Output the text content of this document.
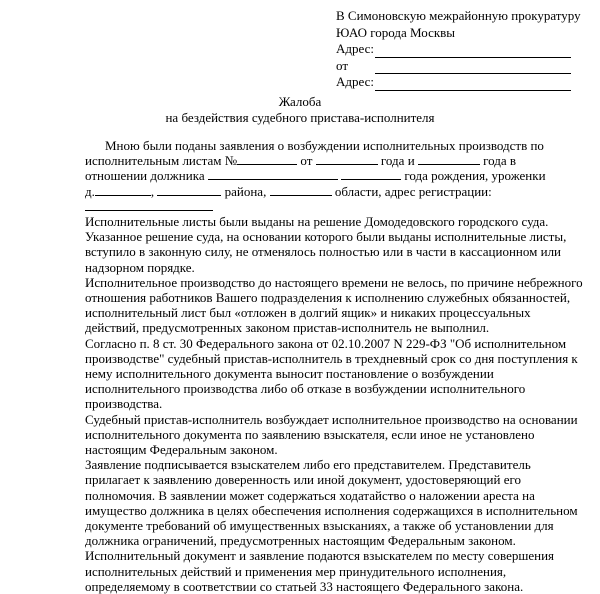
В Симоновскую межрайонную прокуратуру
ЮАО города Москвы
Адрес:
от
Адрес:
Жалоба
на бездействия судебного пристава-исполнителя

Мною были поданы заявления о возбуждении исполнительных производств по

исполнительным листам №	от	года и	года в

отношении должника	года рождения, уроженки

д.	,	района,	области, адрес регистрации:

Исполнительные листы были выданы на решение Домодедовского городского суда. Указанное решение суда, на основании которого были выданы исполнительные листы, вступило в законную силу, не отменялось полностью или в части в кассационном или надзорном порядке.

Исполнительное производство до настоящего времени не велось, по причине небрежного отношения работников Вашего подразделения к исполнению служебных обязанностей, исполнительный лист был «отложен в долгий ящик» и никаких процессуальных действий, предусмотренных законом пристав-исполнитель не выполнил.

Согласно п. 8 ст. 30 Федерального закона от 02.10.2007 N 229-ФЗ "Об исполнительном производстве" судебный пристав-исполнитель в трехдневный срок со дня поступления к нему исполнительного документа выносит постановление о возбуждении исполнительного производства либо об отказе в возбуждении исполнительного производства.

Судебный пристав-исполнитель возбуждает исполнительное производство на основании исполнительного документа по заявлению взыскателя, если иное не установлено настоящим Федеральным законом.

Заявление подписывается взыскателем либо его представителем. Представитель прилагает к заявлению доверенность или иной документ, удостоверяющий его полномочия. В заявлении может содержаться ходатайство о наложении ареста на имущество должника в целях обеспечения исполнения содержащихся в исполнительном документе требований об имущественных взысканиях, а также об установлении для должника ограничений, предусмотренных настоящим Федеральным законом.

Исполнительный документ и заявление подаются взыскателем по месту совершения исполнительных действий и применения мер принудительного исполнения, определяемому в соответствии со статьей 33 настоящего Федерального закона.
